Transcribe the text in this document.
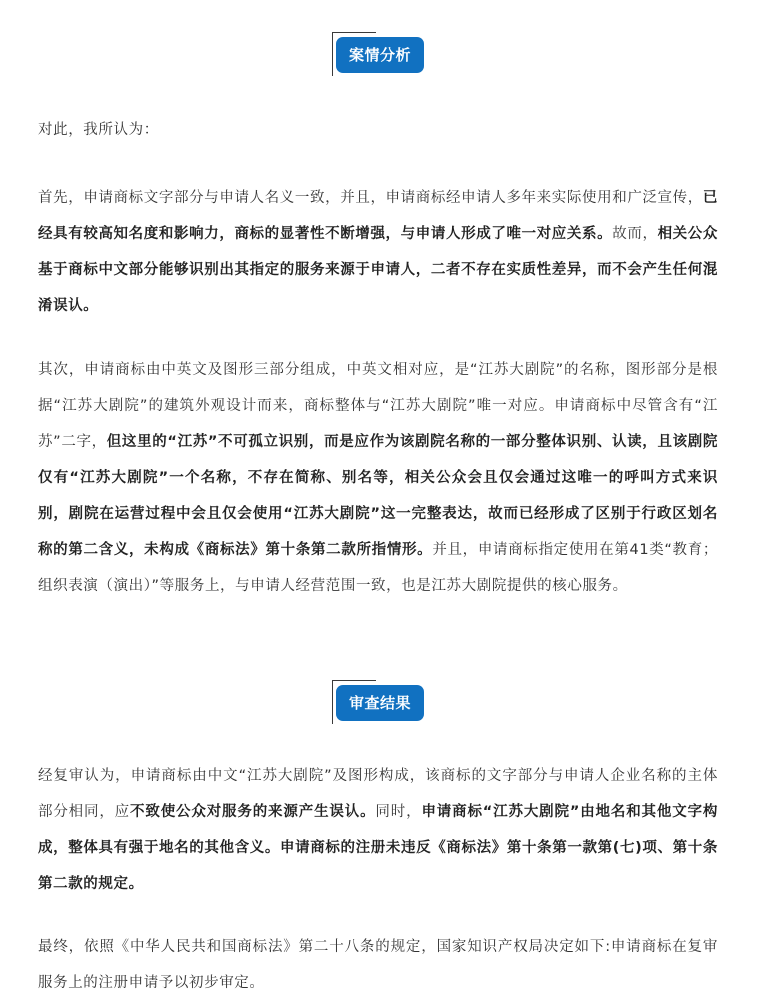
案情分析

对此，我所认为：

首先，申请商标文字部分与申请人名义一致，并且，申请商标经申请人多年来实际使用和广泛宣传，已经具有较高知名度和影响力，商标的显著性不断增强，与申请人形成了唯一对应关系。故而，相关公众基于商标中文部分能够识别出其指定的服务来源于申请人，二者不存在实质性差异，而不会产生任何混淆误认。

其次，申请商标由中英文及图形三部分组成，中英文相对应，是“江苏大剧院”的名称，图形部分是根据“江苏大剧院”的建筑外观设计而来，商标整体与“江苏大剧院”唯一对应。申请商标中尽管含有“江苏”二字，但这里的“江苏”不可孤立识别，而是应作为该剧院名称的一部分整体识别、认读，且该剧院仅有“江苏大剧院”一个名称，不存在简称、别名等，相关公众会且仅会通过这唯一的呼叫方式来识别，剧院在运营过程中会且仅会使用“江苏大剧院”这一完整表达，故而已经形成了区别于行政区划名称的第二含义，未构成《商标法》第十条第二款所指情形。并且，申请商标指定使用在第41类“教育；组织表演（演出）”等服务上，与申请人经营范围一致，也是江苏大剧院提供的核心服务。

审查结果

经复审认为，申请商标由中文“江苏大剧院”及图形构成，该商标的文字部分与申请人企业名称的主体部分相同，应不致使公众对服务的来源产生误认。同时，申请商标“江苏大剧院”由地名和其他文字构成，整体具有强于地名的其他含义。申请商标的注册未违反《商标法》第十条第一款第(七)项、第十条第二款的规定。

最终，依照《中华人民共和国商标法》第二十八条的规定，国家知识产权局决定如下:申请商标在复审服务上的注册申请予以初步审定。
